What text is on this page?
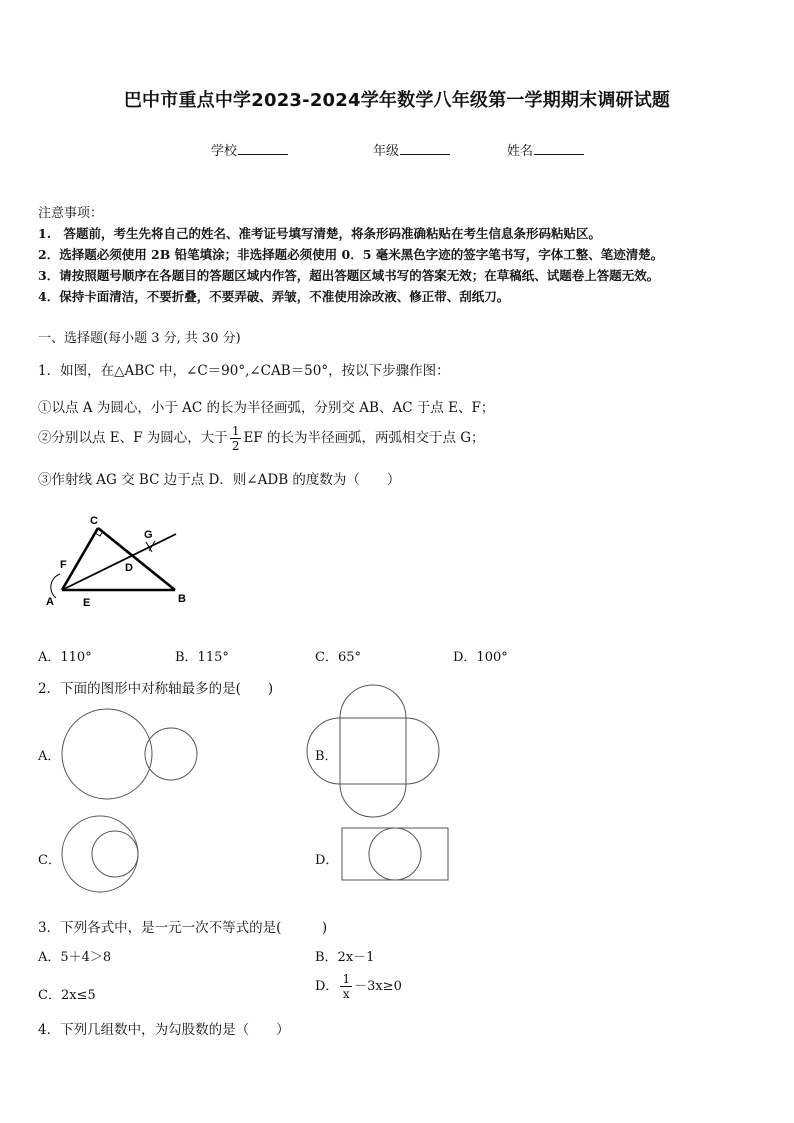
巴中市重点中学2023-2024学年数学八年级第一学期期末调研试题
学校	年级	姓名
注意事项：
1.　答题前，考生先将自己的姓名、准考证号填写清楚，将条形码准确粘贴在考生信息条形码粘贴区。
2．选择题必须使用 2B 铅笔填涂；非选择题必须使用 0．5 毫米黑色字迹的签字笔书写，字体工整、笔迹清楚。
3．请按照题号顺序在各题目的答题区域内作答，超出答题区域书写的答案无效；在草稿纸、试题卷上答题无效。
4．保持卡面清洁，不要折叠，不要弄破、弄皱，不准使用涂改液、修正带、刮纸刀。
一、选择题(每小题 3 分, 共 30 分)
1．如图，在△ABC 中，∠C＝90°,∠CAB＝50°，按以下步骤作图：
①以点 A 为圆心，小于 AC 的长为半径画弧，分别交 AB、AC 于点 E、F；
②分别以点 E、F 为圆心，大于 $\frac{1}{2}$ EF 的长为半径画弧，两弧相交于点 G；
③作射线 AG 交 BC 边于点 D．则∠ADB 的度数为（　　）
C
G
F	D
A	E	B
A．110°	B．115°	C．65°	D．100°
2．下面的图形中对称轴最多的是(　　)
A．	B．
C．	D．
3．下列各式中，是一元一次不等式的是(　　　)
A．5＋4＞8	B．2x－1
C．2x≤5
D． $\frac{1}{x} -3x\ge 0$
4．下列几组数中，为勾股数的是（　　）
